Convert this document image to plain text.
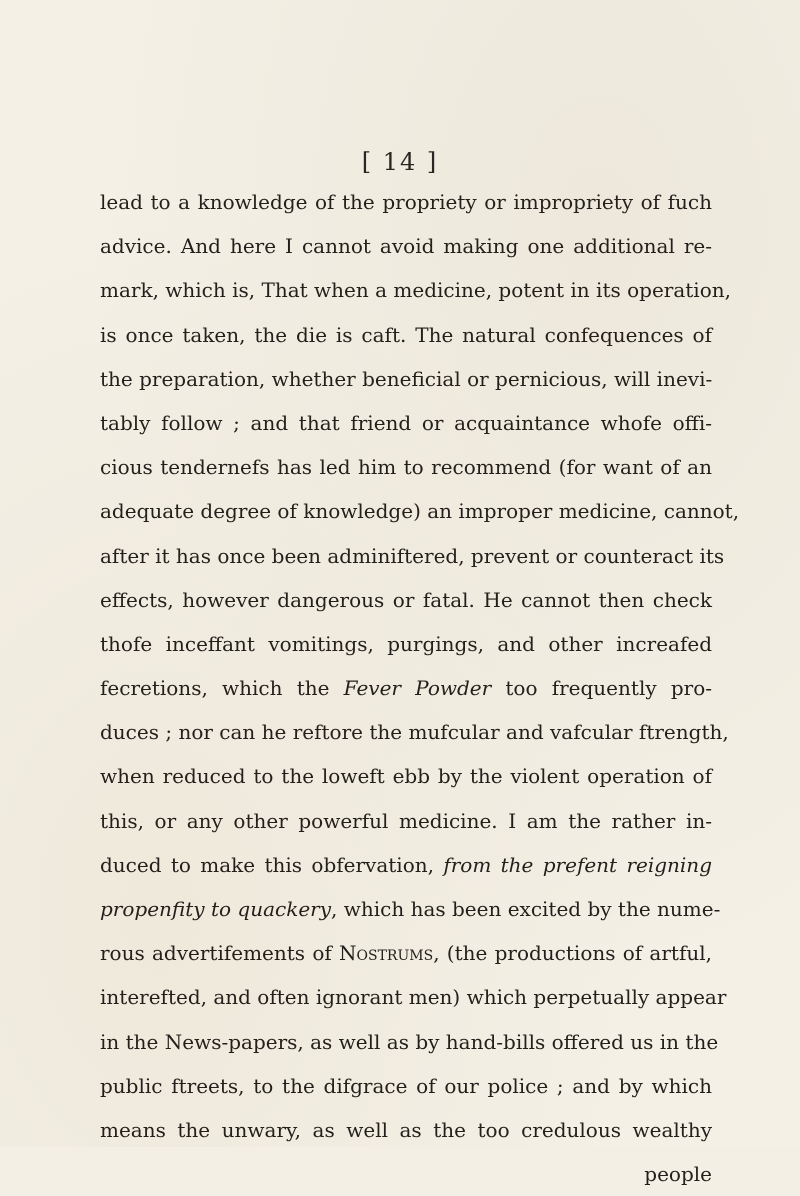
[ 14 ]
lead to a knowledge of the propriety or impropriety of fuch
advice. And here I cannot avoid making one additional re-
mark, which is, That when a medicine, potent in its operation,
is once taken, the die is caft. The natural confequences of
the preparation, whether beneficial or pernicious, will inevi-
tably follow ; and that friend or acquaintance whofe offi-
cious tendernefs has led him to recommend (for want of an
adequate degree of knowledge) an improper medicine, cannot,
after it has once been adminiftered, prevent or counteract its
effects, however dangerous or fatal. He cannot then check
thofe inceffant vomitings, purgings, and other increafed
fecretions, which the Fever Powder too frequently pro-
duces ; nor can he reftore the mufcular and vafcular ftrength,
when reduced to the loweft ebb by the violent operation of
this, or any other powerful medicine. I am the rather in-
duced to make this obfervation, from the prefent reigning
propenfity to quackery, which has been excited by the nume-
rous advertifements of Nostrums, (the productions of artful,
interefted, and often ignorant men) which perpetually appear
in the News-papers, as well as by hand-bills offered us in the
public ftreets, to the difgrace of our police ; and by which
means the unwary, as well as the too credulous wealthy
people
